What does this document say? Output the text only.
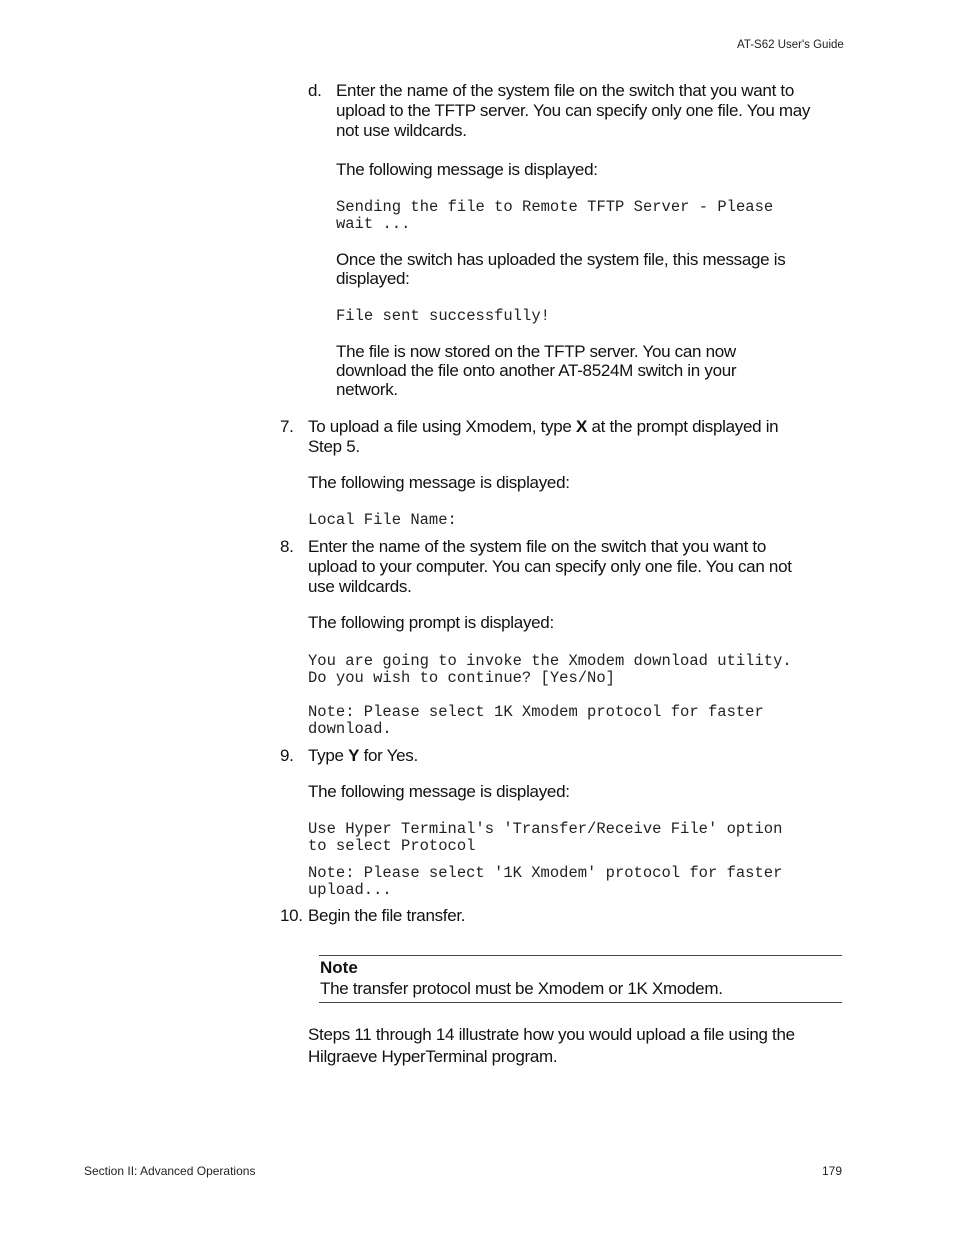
AT-S62 User's Guide
d. Enter the name of the system file on the switch that you want to
upload to the TFTP server. You can specify only one file. You may
not use wildcards.
The following message is displayed:
Sending the file to Remote TFTP Server - Please
wait ...
Once the switch has uploaded the system file, this message is
displayed:
File sent successfully!
The file is now stored on the TFTP server. You can now
download the file onto another AT-8524M switch in your
network.
7. To upload a file using Xmodem, type X at the prompt displayed in
Step 5.
The following message is displayed:
Local File Name:
8. Enter the name of the system file on the switch that you want to
upload to your computer. You can specify only one file. You can not
use wildcards.
The following prompt is displayed:
You are going to invoke the Xmodem download utility.
Do you wish to continue? [Yes/No]
Note: Please select 1K Xmodem protocol for faster
download.
9. Type Y for Yes.
The following message is displayed:
Use Hyper Terminal's 'Transfer/Receive File' option
to select Protocol
Note: Please select '1K Xmodem' protocol for faster
upload...
10. Begin the file transfer.
Note
The transfer protocol must be Xmodem or 1K Xmodem.
Steps 11 through 14 illustrate how you would upload a file using the
Hilgraeve HyperTerminal program.
Section II: Advanced Operations	179
